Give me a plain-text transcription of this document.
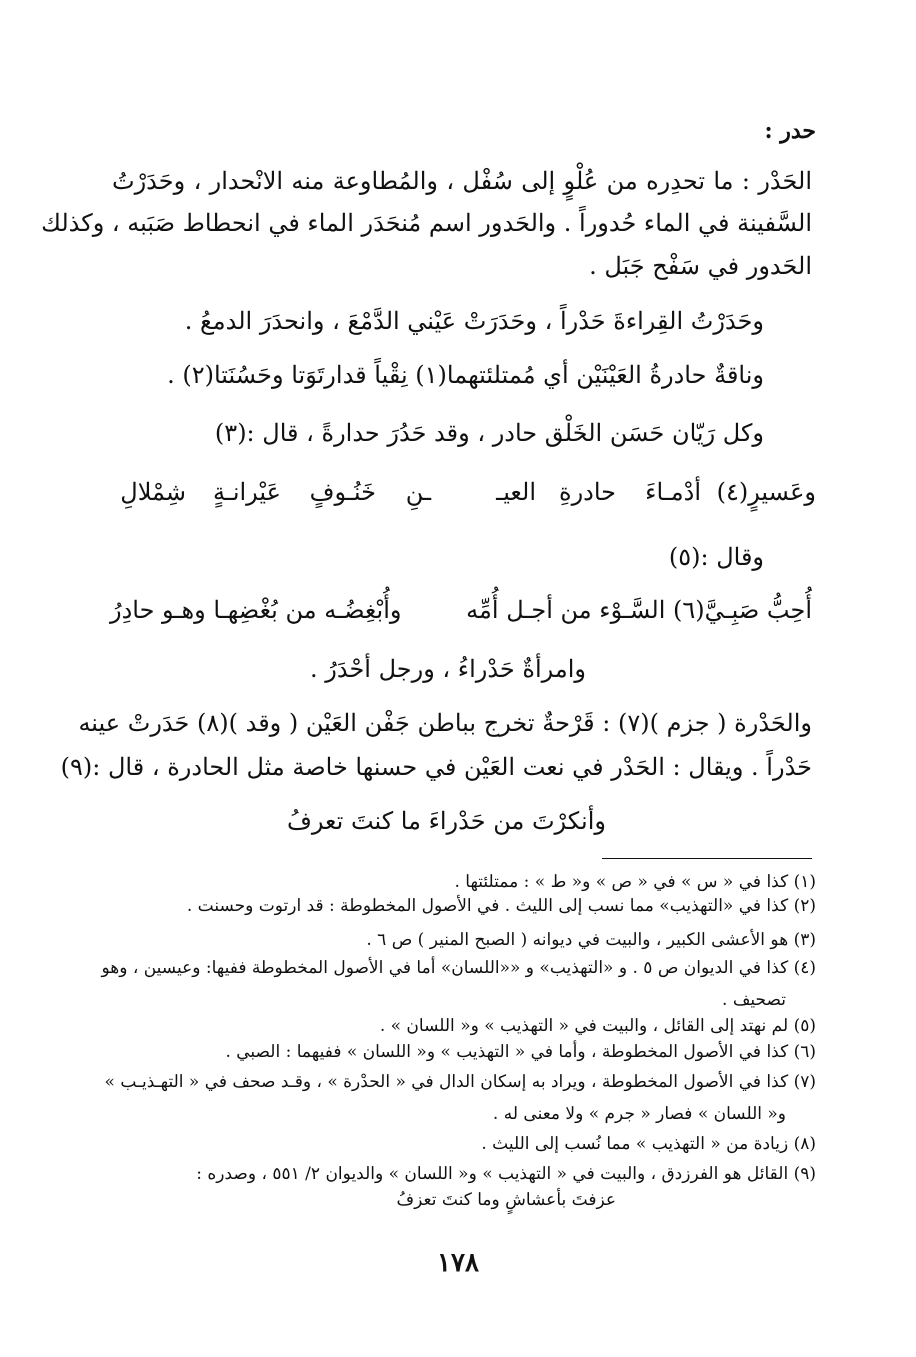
حدر :
الحَدْر : ما تحدِره من عُلْوٍ إلى سُفْل ، والمُطاوعة منه الانْحدار ، وحَدَرْتُ
السَّفينة في الماء حُدوراً . والحَدور اسم مُنحَدَر الماء في انحطاط صَبَبه ، وكذلك
الحَدور في سَفْح جَبَل .
وحَدَرْتُ القِراءةَ حَدْراً ، وحَدَرَتْ عَيْني الدَّمْعَ ، وانحدَرَ الدمعُ .
وناقةٌ حادرةُ العَيْنَيْن أي مُمتلئتهما(١) نِقْياً قدارتَوَتا وحَسُنَتا(٢) .
وكل رَيّان حَسَن الخَلْق حادر ، وقد حَدُرَ حدارةً ، قال :(٣)
وعَسيرٍ(٤)
أدْمـاءَ
حادرةِ
العيـ
ـنِ
خَنُـوفٍ
عَيْرانـةٍ
شِمْلالِ
وقال :(٥)
أُحِبُّ صَبِـيَّ(٦) السَّـوْء من أجـل أُمِّه
وأُبْغِضُـه من بُغْضِهـا وهـو حادِرُ
وامرأةٌ حَدْراءُ ، ورجل أحْدَرُ .
والحَدْرة ( جزم )(٧) : قَرْحةٌ تخرج بباطن جَفْن العَيْن ( وقد )(٨) حَدَرتْ عينه
حَدْراً . ويقال : الحَدْر في نعت العَيْن في حسنها خاصة مثل الحادرة ، قال :(٩)
وأنكرْتَ من حَدْراءَ ما كنتَ تعرفُ
(١) كذا في « س » في « ص » و« ط » : ممتلئتها .
(٢) كذا في «التهذيب» مما نسب إلى الليث . في الأصول المخطوطة : قد ارتوت وحسنت .
(٣) هو الأعشى الكبير ، والبيت في ديوانه ( الصبح المنير ) ص ٦ .
(٤) كذا في الديوان ص ٥ . و «التهذيب» و ««اللسان» أما في الأصول المخطوطة ففيها: وعيسين ، وهو
تصحيف .
(٥) لم نهتد إلى القائل ، والبيت في « التهذيب » و« اللسان » .
(٦) كذا في الأصول المخطوطة ، وأما في « التهذيب » و« اللسان » ففيهما : الصبي .
(٧) كذا في الأصول المخطوطة ، ويراد به إسكان الدال في « الحدْرة » ، وقـد صحف في « التهـذيـب »
و« اللسان » فصار « جرم » ولا معنى له .
(٨) زيادة من « التهذيب » مما نُسب إلى الليث .
(٩) القائل هو الفرزدق ، والبيت في « التهذيب » و« اللسان » والديوان ٢/ ٥٥١ ، وصدره :
عزفتَ بأعشاشٍ وما كنتَ تعزفُ
١٧٨
